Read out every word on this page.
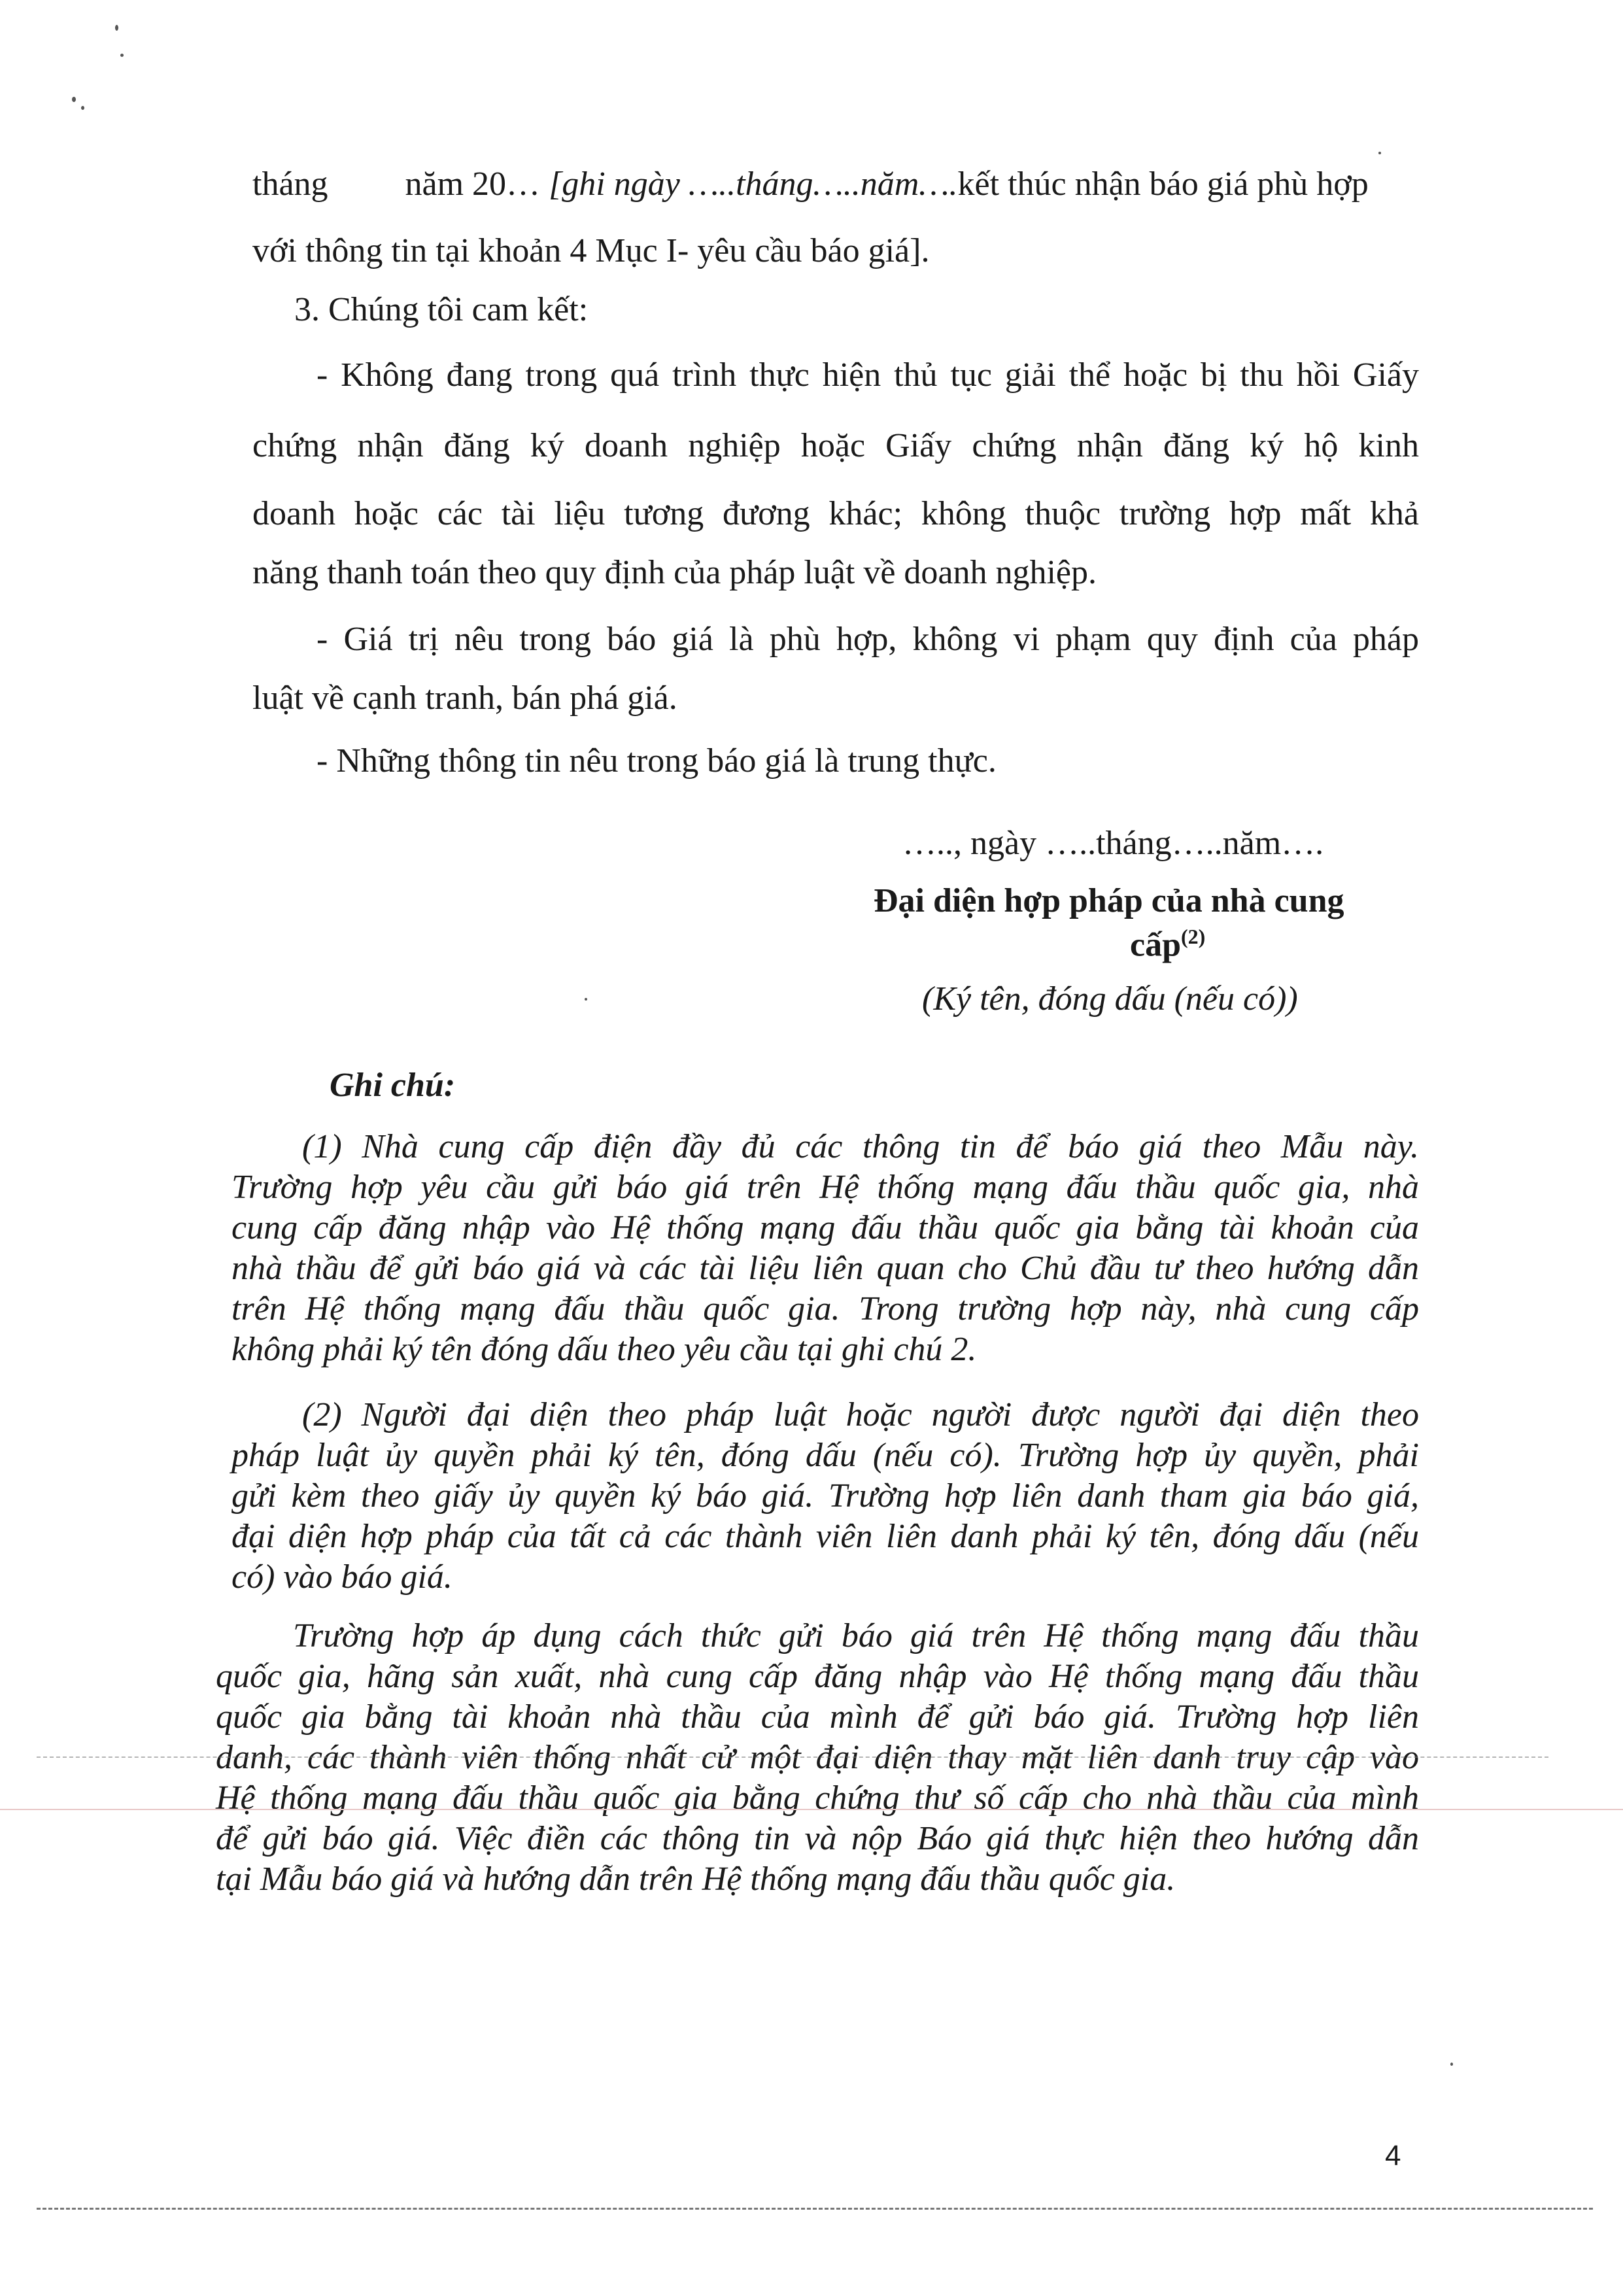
tháng năm 20… [ghi ngày …..tháng…..năm….kết thúc nhận báo giá phù hợp
với thông tin tại khoản 4 Mục I- yêu cầu báo giá].
3. Chúng tôi cam kết:
- Không đang trong quá trình thực hiện thủ tục giải thể hoặc bị thu hồi Giấy
chứng nhận đăng ký doanh nghiệp hoặc Giấy chứng nhận đăng ký hộ kinh
doanh hoặc các tài liệu tương đương khác; không thuộc trường hợp mất khả
năng thanh toán theo quy định của pháp luật về doanh nghiệp.
- Giá trị nêu trong báo giá là phù hợp, không vi phạm quy định của pháp
luật về cạnh tranh, bán phá giá.
- Những thông tin nêu trong báo giá là trung thực.
….., ngày …..tháng…..năm….
Đại diện hợp pháp của nhà cung
cấp$^{(2)}$
(Ký tên, đóng dấu (nếu có))
Ghi chú:
(1) Nhà cung cấp điện đầy đủ các thông tin để báo giá theo Mẫu này.
Trường hợp yêu cầu gửi báo giá trên Hệ thống mạng đấu thầu quốc gia, nhà
cung cấp đăng nhập vào Hệ thống mạng đấu thầu quốc gia bằng tài khoản của
nhà thầu để gửi báo giá và các tài liệu liên quan cho Chủ đầu tư theo hướng dẫn
trên Hệ thống mạng đấu thầu quốc gia. Trong trường hợp này, nhà cung cấp
không phải ký tên đóng dấu theo yêu cầu tại ghi chú 2.
(2) Người đại diện theo pháp luật hoặc người được người đại diện theo
pháp luật ủy quyền phải ký tên, đóng dấu (nếu có). Trường hợp ủy quyền, phải
gửi kèm theo giấy ủy quyền ký báo giá. Trường hợp liên danh tham gia báo giá,
đại diện hợp pháp của tất cả các thành viên liên danh phải ký tên, đóng dấu (nếu
có) vào báo giá.
Trường hợp áp dụng cách thức gửi báo giá trên Hệ thống mạng đấu thầu
quốc gia, hãng sản xuất, nhà cung cấp đăng nhập vào Hệ thống mạng đấu thầu
quốc gia bằng tài khoản nhà thầu của mình để gửi báo giá. Trường hợp liên
danh, các thành viên thống nhất cử một đại diện thay mặt liên danh truy cập vào
Hệ thống mạng đấu thầu quốc gia bằng chứng thư số cấp cho nhà thầu của mình
để gửi báo giá. Việc điền các thông tin và nộp Báo giá thực hiện theo hướng dẫn
tại Mẫu báo giá và hướng dẫn trên Hệ thống mạng đấu thầu quốc gia.
4
